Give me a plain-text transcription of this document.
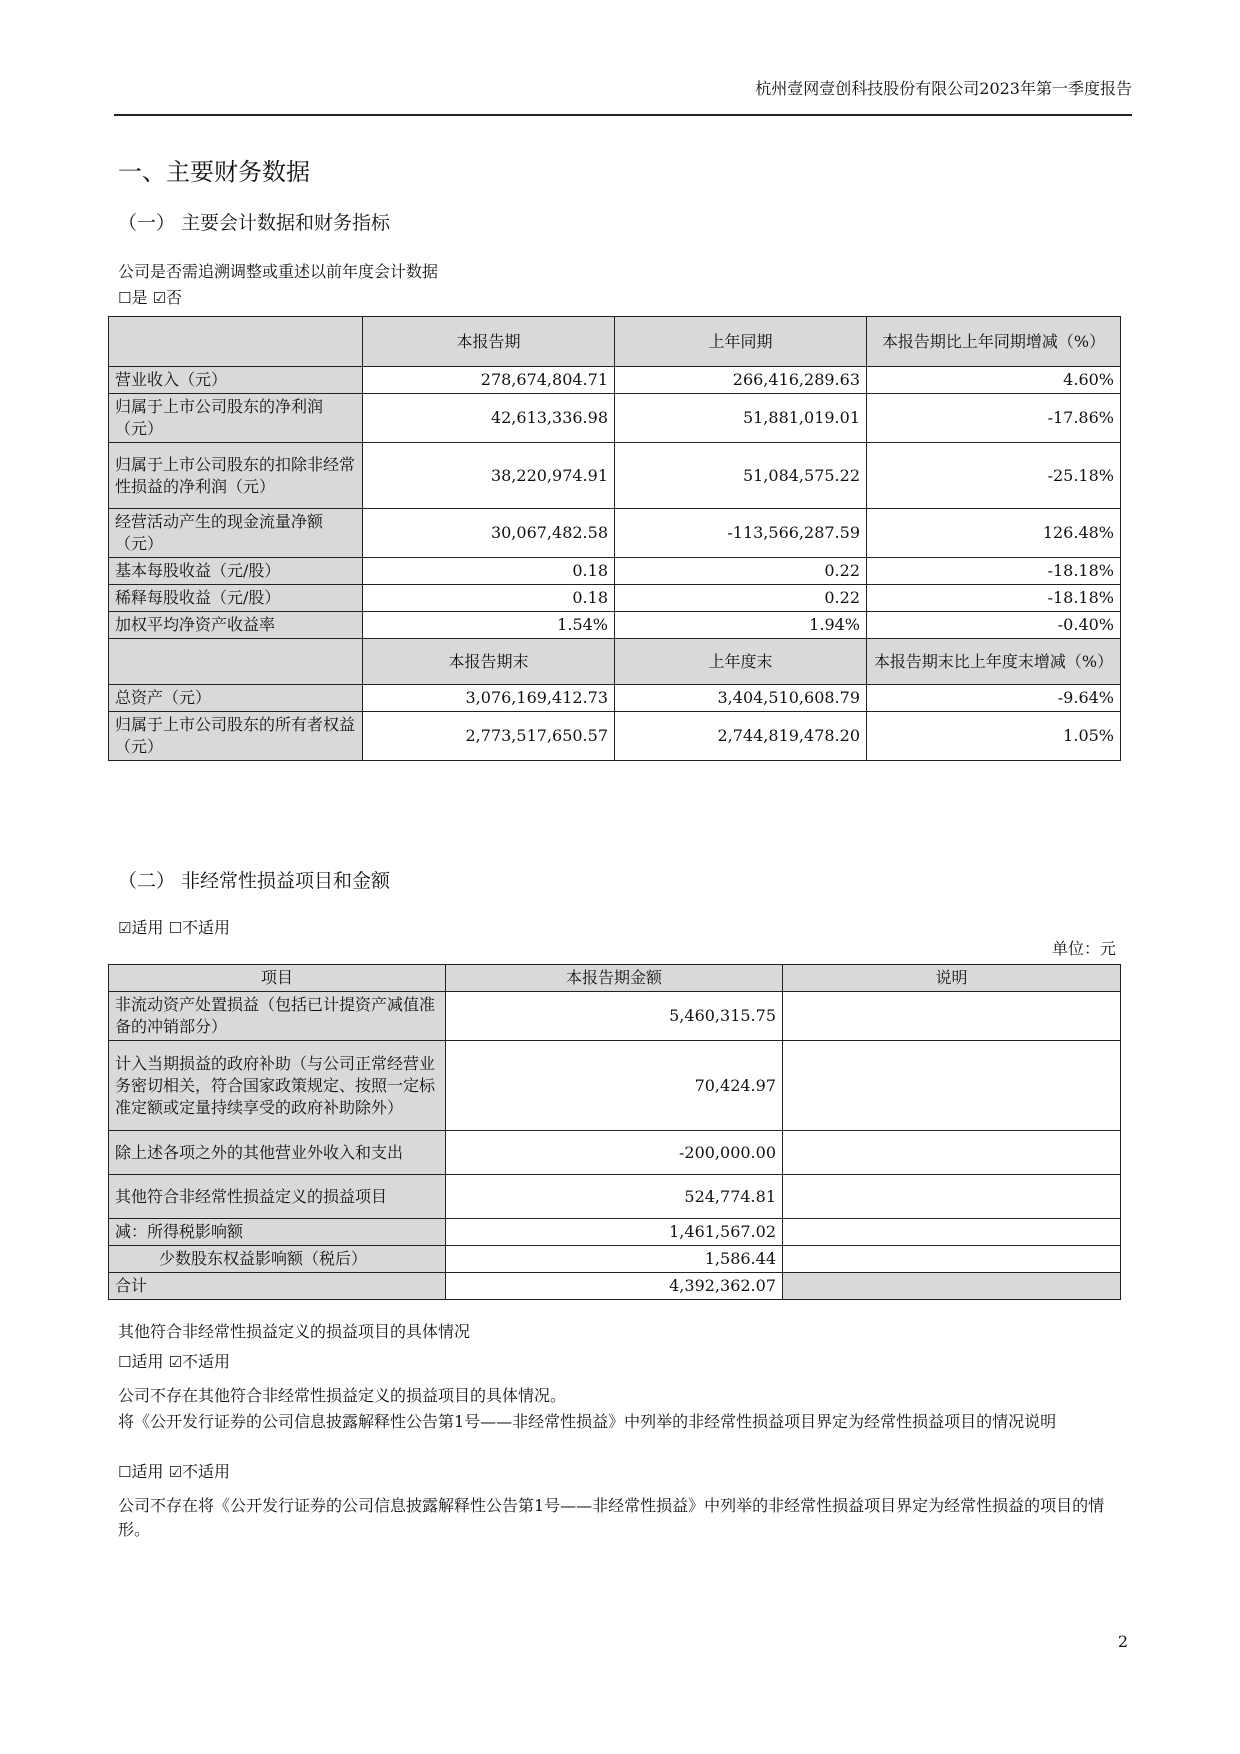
杭州壹网壹创科技股份有限公司2023年第一季度报告
一、主要财务数据
（一） 主要会计数据和财务指标
公司是否需追溯调整或重述以前年度会计数据
☐是 ☑否
	本报告期	上年同期	本报告期比上年同期增减（%）
营业收入（元）	278,674,804.71	266,416,289.63	4.60%
归属于上市公司股东的净利润（元）	42,613,336.98	51,881,019.01	-17.86%
归属于上市公司股东的扣除非经常性损益的净利润（元）	38,220,974.91	51,084,575.22	-25.18%
经营活动产生的现金流量净额（元）	30,067,482.58	-113,566,287.59	126.48%
基本每股收益（元/股）	0.18	0.22	-18.18%
稀释每股收益（元/股）	0.18	0.22	-18.18%
加权平均净资产收益率	1.54%	1.94%	-0.40%
	本报告期末	上年度末	本报告期末比上年度末增减（%）
总资产（元）	3,076,169,412.73	3,404,510,608.79	-9.64%
归属于上市公司股东的所有者权益（元）	2,773,517,650.57	2,744,819,478.20	1.05%
（二） 非经常性损益项目和金额
☑适用 ☐不适用
单位：元
项目	本报告期金额	说明
非流动资产处置损益（包括已计提资产减值准备的冲销部分）	5,460,315.75	
计入当期损益的政府补助（与公司正常经营业务密切相关，符合国家政策规定、按照一定标准定额或定量持续享受的政府补助除外）	70,424.97	
除上述各项之外的其他营业外收入和支出	-200,000.00	
其他符合非经常性损益定义的损益项目	524,774.81	
减：所得税影响额	1,461,567.02	
少数股东权益影响额（税后）	1,586.44	
合计	4,392,362.07	
其他符合非经常性损益定义的损益项目的具体情况
☐适用 ☑不适用
公司不存在其他符合非经常性损益定义的损益项目的具体情况。
将《公开发行证券的公司信息披露解释性公告第1号——非经常性损益》中列举的非经常性损益项目界定为经常性损益项目的情况说明
☐适用 ☑不适用
公司不存在将《公开发行证券的公司信息披露解释性公告第1号——非经常性损益》中列举的非经常性损益项目界定为经常性损益的项目的情形。
2
